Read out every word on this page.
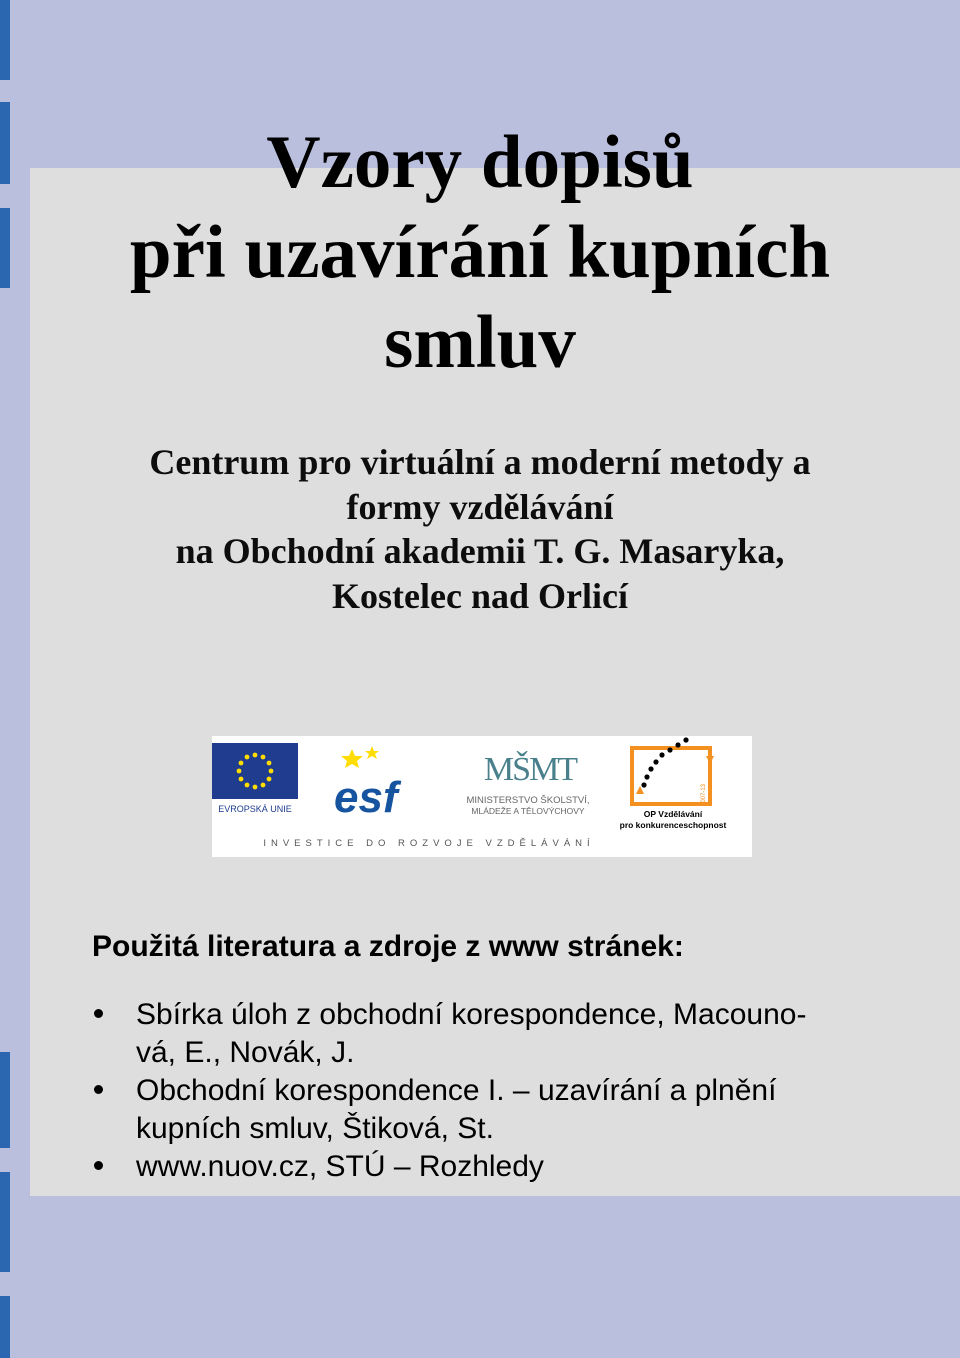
Vzory dopisů
při uzavírání kupních
smluv
Centrum pro virtuální a moderní metody a
formy vzdělávání
na Obchodní akademii T. G. Masaryka,
Kostelec nad Orlicí
EVROPSKÁ UNIE esf
MŠMT
MINISTERSTVO ŠKOLSTVÍ,
MLÁDEŽE A TĚLOVÝCHOVY
2007-13
OP Vzdělávání
pro konkurenceschopnost
INVESTICE DO ROZVOJE VZDĚLÁVÁNÍ
Použitá literatura a zdroje z www stránek:
Sbírka úloh z obchodní korespondence, Macouno-
vá, E., Novák, J.
Obchodní korespondence I. – uzavírání a plnění
kupních smluv, Štiková, St.
www.nuov.cz, STÚ – Rozhledy
